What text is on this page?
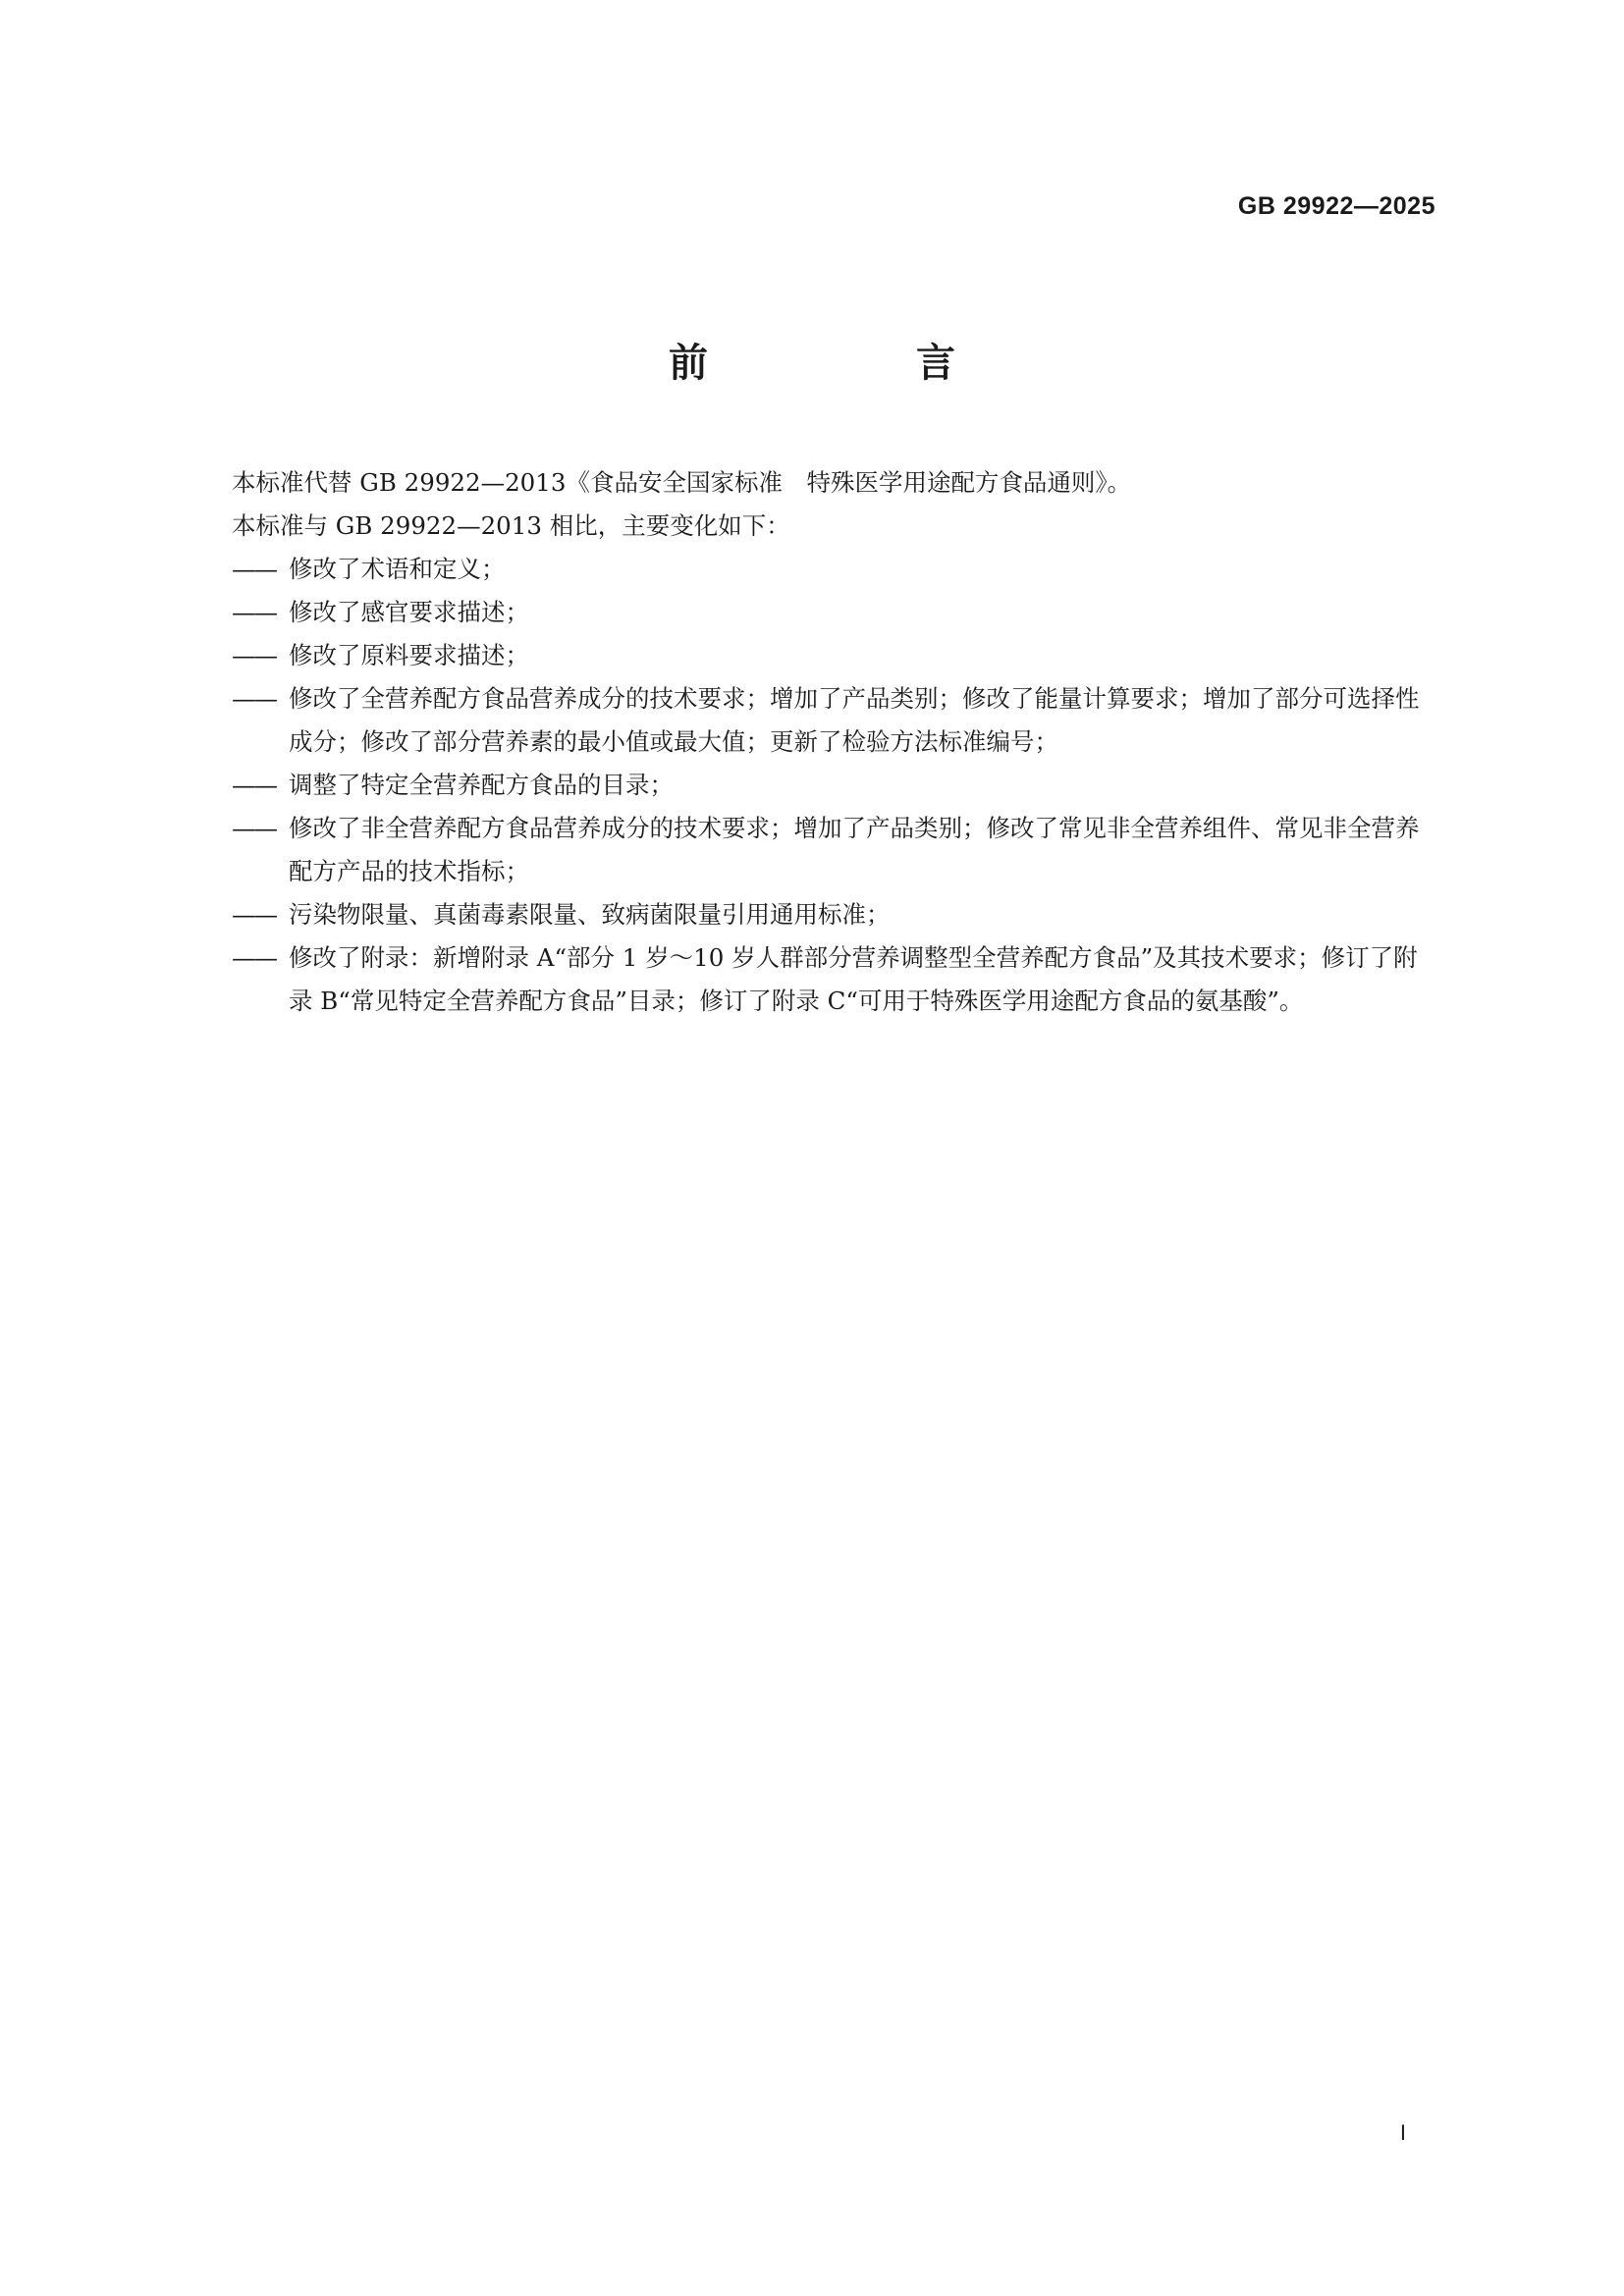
GB 29922—2025
前　言

本标准代替 GB 29922—2013《食品安全国家标准　特殊医学用途配方食品通则》。

本标准与 GB 29922—2013 相比，主要变化如下：

—— 修改了术语和定义；
—— 修改了感官要求描述；
—— 修改了原料要求描述；
—— 修改了全营养配方食品营养成分的技术要求；增加了产品类别；修改了能量计算要求；增加了部分可选择性成分；修改了部分营养素的最小值或最大值；更新了检验方法标准编号；
—— 调整了特定全营养配方食品的目录；
—— 修改了非全营养配方食品营养成分的技术要求；增加了产品类别；修改了常见非全营养组件、常见非全营养配方产品的技术指标；
—— 污染物限量、真菌毒素限量、致病菌限量引用通用标准；
—— 修改了附录：新增附录 A“部分 1 岁～10 岁人群部分营养调整型全营养配方食品”及其技术要求；修订了附录 B“常见特定全营养配方食品”目录；修订了附录 C“可用于特殊医学用途配方食品的氨基酸”。
I
